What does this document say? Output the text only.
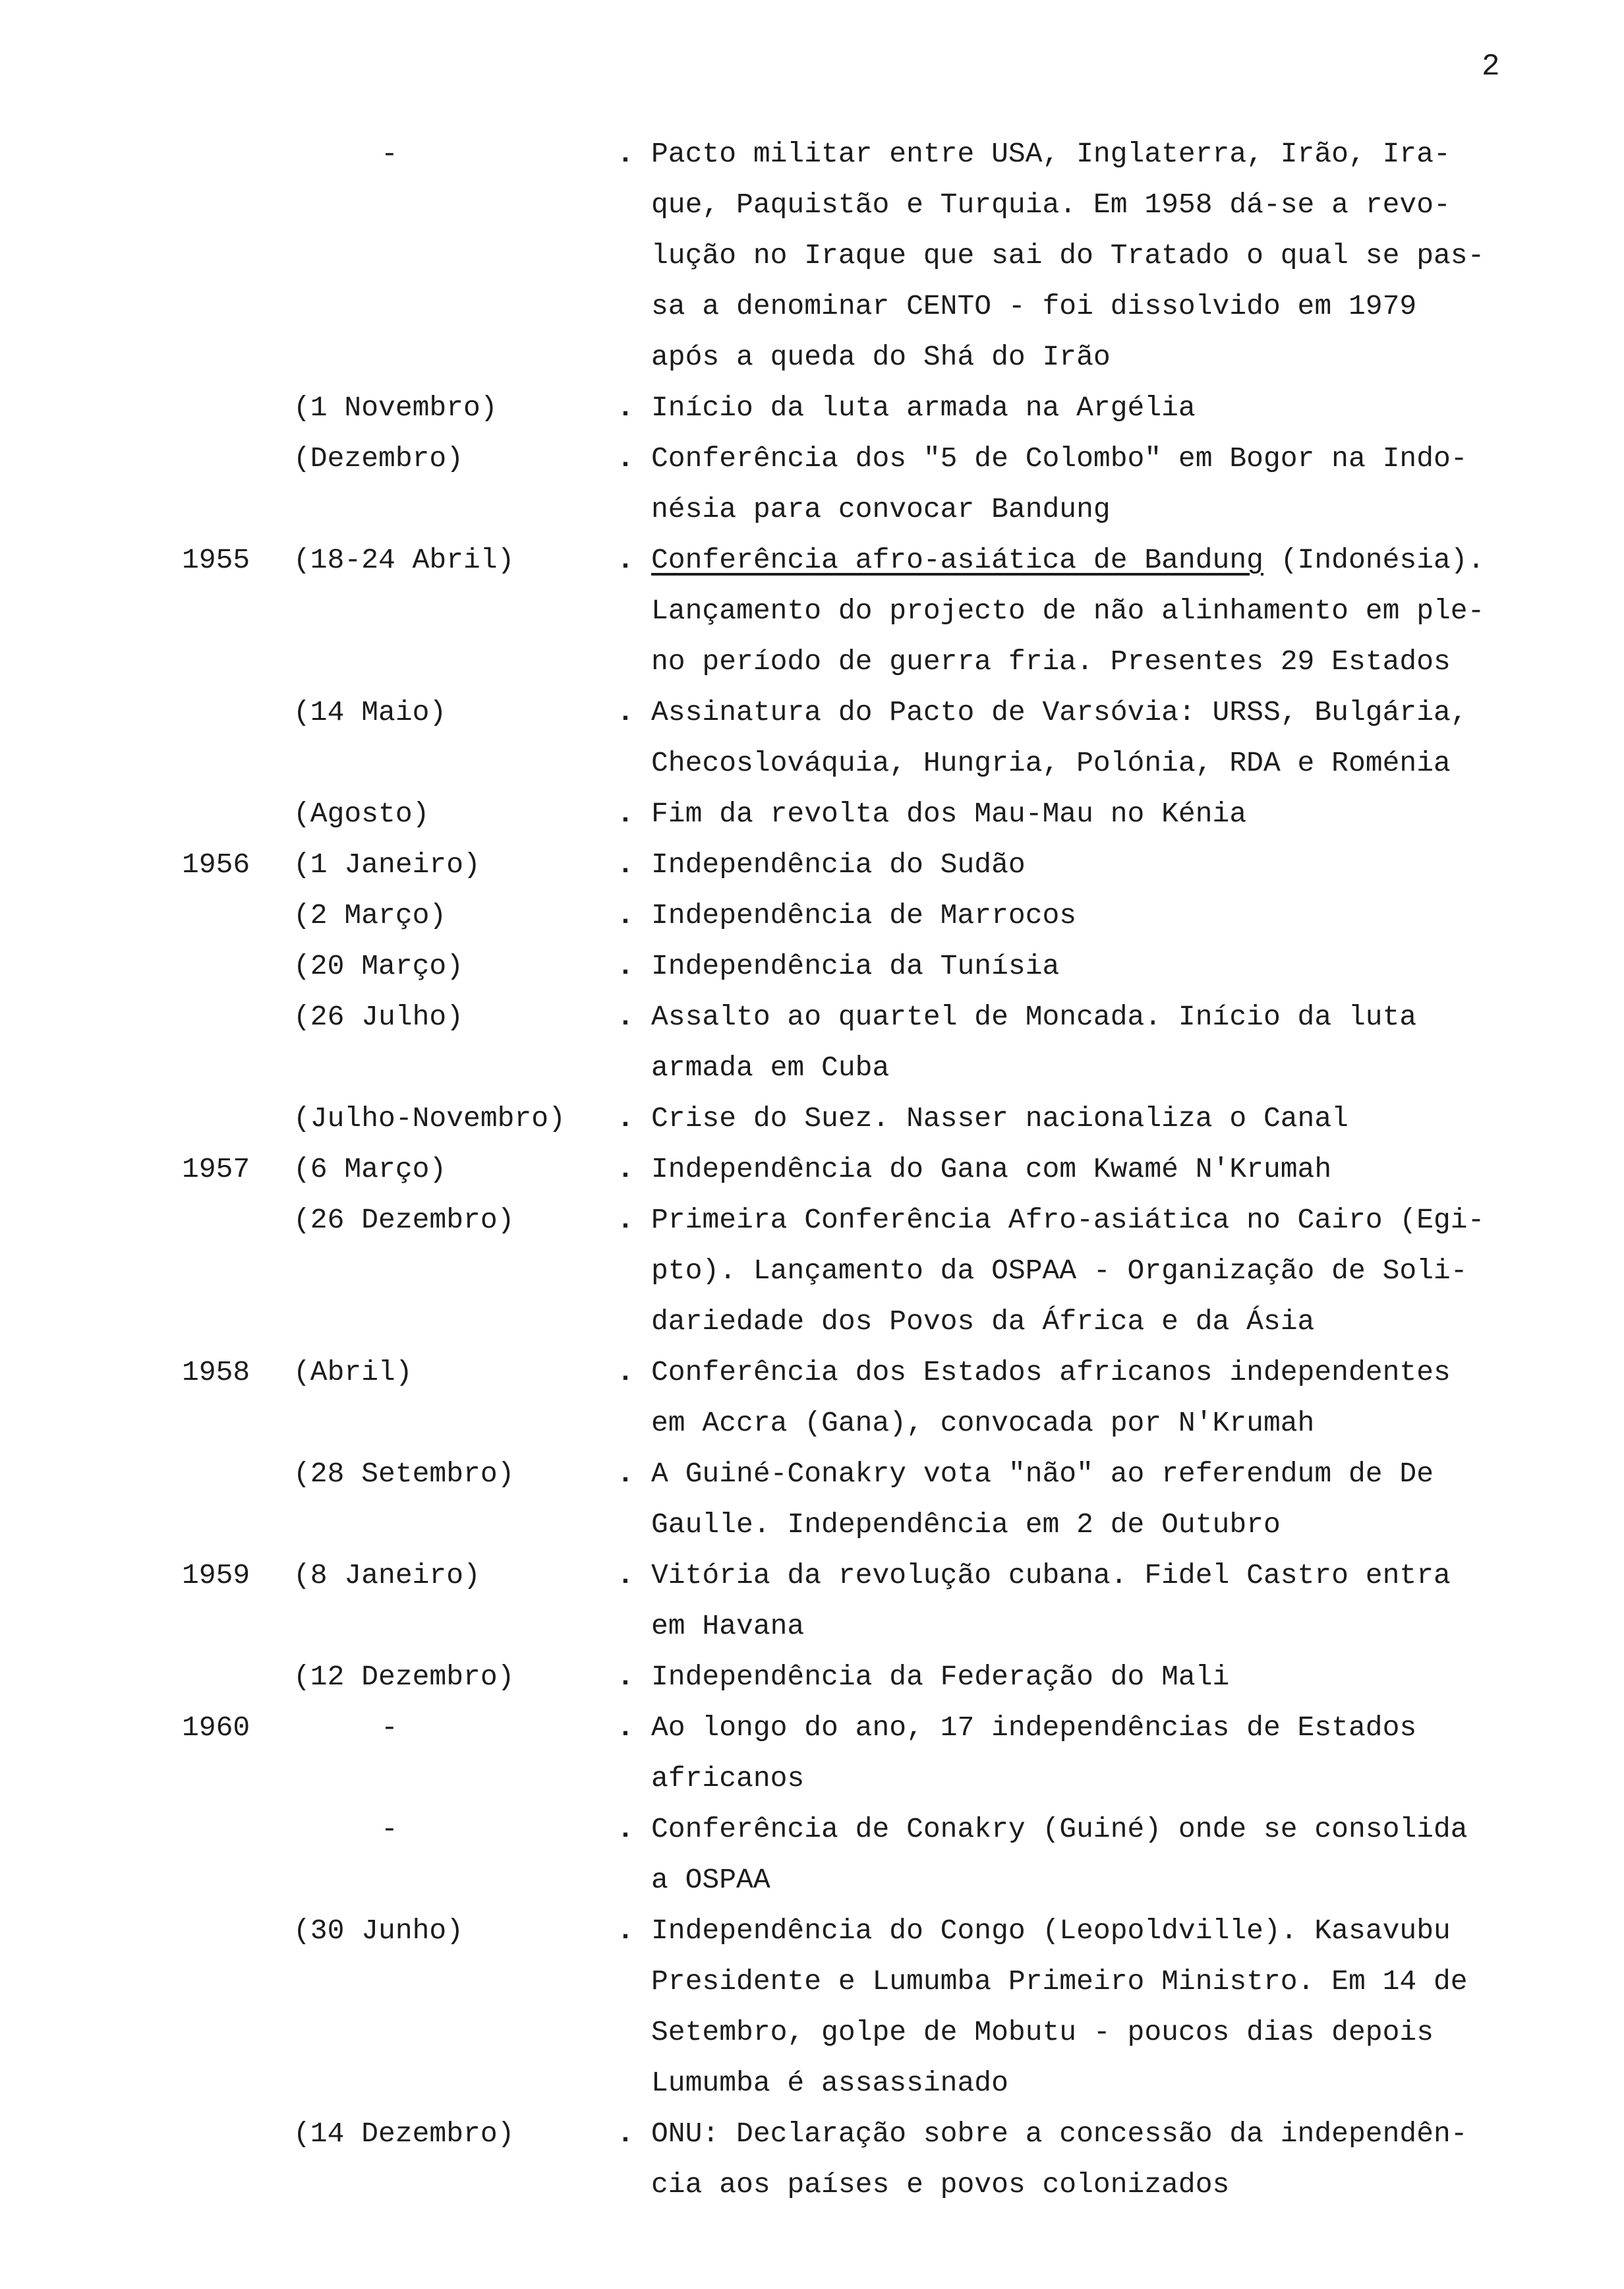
2
-	. Pacto militar entre USA, Inglaterra, Irão, Ira-
que, Paquistão e Turquia. Em 1958 dá-se a revo-
lução no Iraque que sai do Tratado o qual se pas-
sa a denominar CENTO - foi dissolvido em 1979
após a queda do Shá do Irão
(1 Novembro)	. Início da luta armada na Argélia
(Dezembro)	. Conferência dos "5 de Colombo" em Bogor na Indo-
nésia para convocar Bandung
1955 (18-24 Abril)	. Conferência afro-asiática de Bandung (Indonésia).
Lançamento do projecto de não alinhamento em ple-
no período de guerra fria. Presentes 29 Estados
(14 Maio)	. Assinatura do Pacto de Varsóvia: URSS, Bulgária,
Checoslováquia, Hungria, Polónia, RDA e Roménia
(Agosto)	. Fim da revolta dos Mau-Mau no Kénia
1956 (1 Janeiro)	. Independência do Sudão
(2 Março)	. Independência de Marrocos
(20 Março)	. Independência da Tunísia
(26 Julho)	. Assalto ao quartel de Moncada. Início da luta
armada em Cuba
(Julho-Novembro) . Crise do Suez. Nasser nacionaliza o Canal
1957 (6 Março)	. Independência do Gana com Kwamé N'Krumah
(26 Dezembro)	. Primeira Conferência Afro-asiática no Cairo (Egi-
pto). Lançamento da OSPAA - Organização de Soli-
dariedade dos Povos da África e da Ásia
1958 (Abril)	. Conferência dos Estados africanos independentes
em Accra (Gana), convocada por N'Krumah
(28 Setembro)	. A Guiné-Conakry vota "não" ao referendum de De
Gaulle. Independência em 2 de Outubro
1959 (8 Janeiro)	. Vitória da revolução cubana. Fidel Castro entra
em Havana
(12 Dezembro)	. Independência da Federação do Mali
1960	-	. Ao longo do ano, 17 independências de Estados
africanos
-	. Conferência de Conakry (Guiné) onde se consolida
a OSPAA
(30 Junho)	. Independência do Congo (Leopoldville). Kasavubu
Presidente e Lumumba Primeiro Ministro. Em 14 de
Setembro, golpe de Mobutu - poucos dias depois
Lumumba é assassinado
(14 Dezembro)	. ONU: Declaração sobre a concessão da independên-
cia aos países e povos colonizados
